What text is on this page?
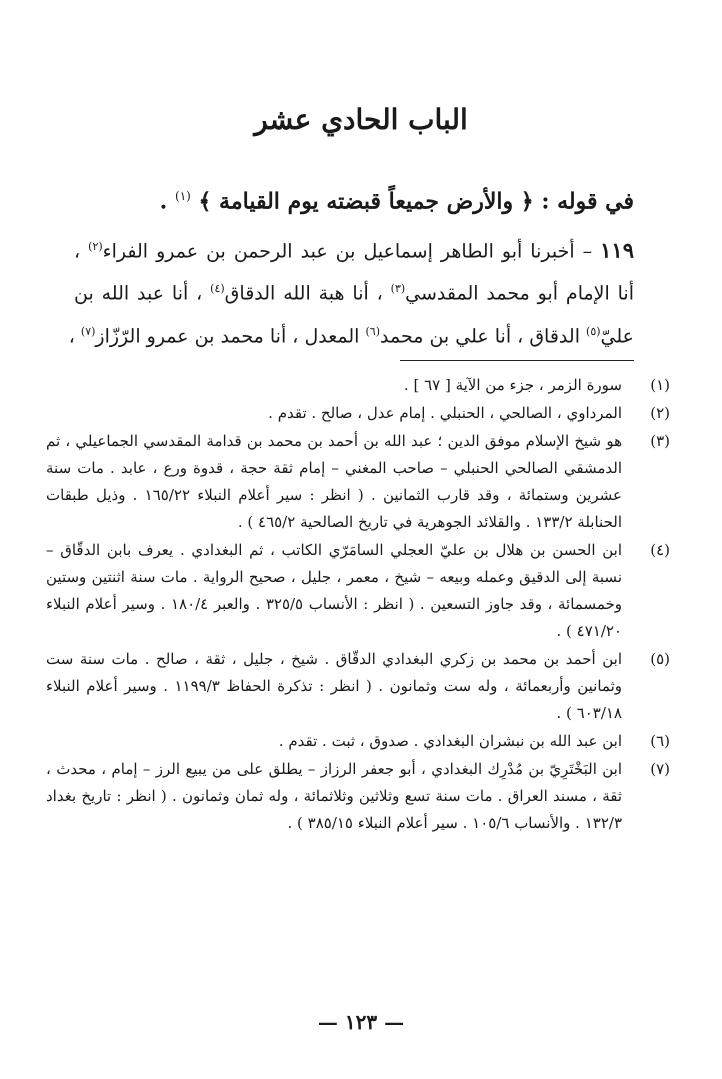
الباب الحادي عشر
في قوله : ﴿ والأرض جميعاً قبضته يوم القيامة ﴾ $^{(١)}$ .
١١٩ – أخبرنا أبو الطاهر إسماعيل بن عبد الرحمن بن عمرو الفراء$^{(٢)}$ ،
أنا الإمام أبو محمد المقدسي$^{(٣)}$ ، أنا هبة الله الدقاق$^{(٤)}$ ، أنا عبد الله بن
عليّ$^{(٥)}$ الدقاق ، أنا علي بن محمد$^{(٦)}$ المعدل ، أنا محمد بن عمرو الرّزّاز$^{(٧)}$ ،
(١)
سورة الزمر ، جزء من الآية [ ٦٧ ] .
(٢)
المرداوي ، الصالحي ، الحنبلي . إمام عدل ، صالح . تقدم .
(٣)
هو شيخ الإسلام موفق الدين ؛ عبد الله بن أحمد بن محمد بن قدامة المقدسي الجماعيلي ، ثم الدمشقي الصالحي الحنبلي – صاحب المغني – إمام ثقة حجة ، قدوة ورع ، عابد . مات سنة عشرين وستمائة ، وقد قارب الثمانين . ( انظر : سير أعلام النبلاء ١٦٥/٢٢ . وذيل طبقات الحنابلة ١٣٣/٢ . والقلائد الجوهرية في تاريخ الصالحية ٤٦٥/٢ ) .
(٤)
ابن الحسن بن هلال بن عليّ العجلي السامَرّي الكاتب ، ثم البغدادي . يعرف بابن الدقّاق – نسبة إلى الدقيق وعمله وبيعه – شيخ ، معمر ، جليل ، صحيح الرواية . مات سنة اثنتين وستين وخمسمائة ، وقد جاوز التسعين . ( انظر : الأنساب ٣٢٥/٥ . والعبر ١٨٠/٤ . وسير أعلام النبلاء ٤٧١/٢٠ ) .
(٥)
ابن أحمد بن محمد بن زكري البغدادي الدقّاق . شيخ ، جليل ، ثقة ، صالح . مات سنة ست وثمانين وأربعمائة ، وله ست وثمانون . ( انظر : تذكرة الحفاظ ١١٩٩/٣ . وسير أعلام النبلاء ٦٠٣/١٨ ) .
(٦)
ابن عبد الله بن نبشران البغدادي . صدوق ، ثبت . تقدم .
(٧)
ابن البَخْتَرِيّ بن مُدْرِك البغدادي ، أبو جعفر الرزاز – يطلق على من يبيع الرز – إمام ، محدث ، ثقة ، مسند العراق . مات سنة تسع وثلاثين وثلاثمائة ، وله ثمان وثمانون . ( انظر : تاريخ بغداد ١٣٢/٣ . والأنساب ١٠٥/٦ . سير أعلام النبلاء ٣٨٥/١٥ ) .
— ١٢٣ —
